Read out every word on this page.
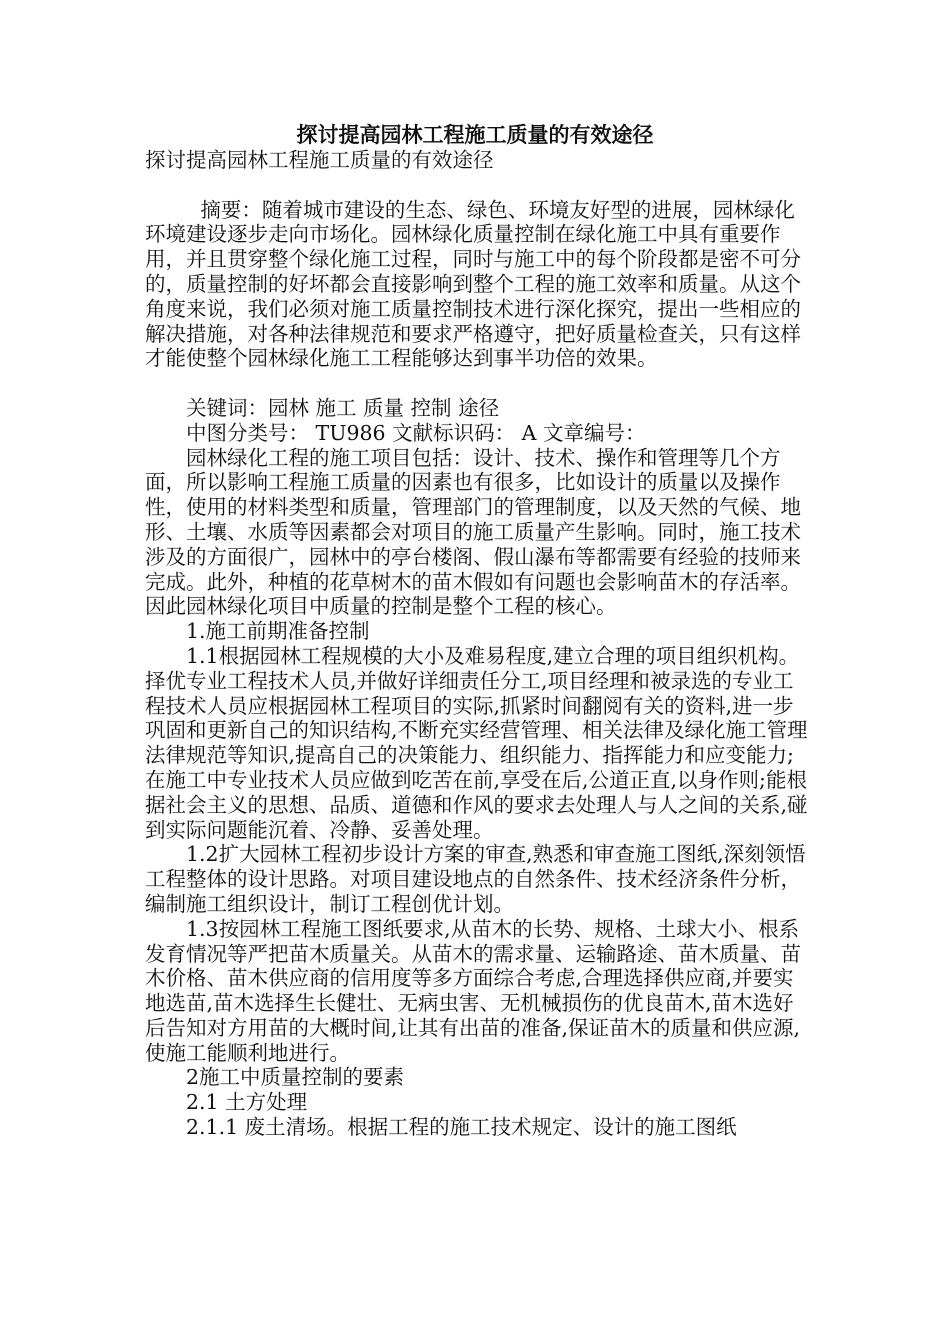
探讨提高园林工程施工质量的有效途径

探讨提高园林工程施工质量的有效途径

摘要：随着城市建设的生态、绿色、环境友好型的进展，园林绿化环境建设逐步走向市场化。园林绿化质量控制在绿化施工中具有重要作用，并且贯穿整个绿化施工过程，同时与施工中的每个阶段都是密不可分的，质量控制的好坏都会直接影响到整个工程的施工效率和质量。从这个角度来说，我们必须对施工质量控制技术进行深化探究，提出一些相应的解决措施，对各种法律规范和要求严格遵守，把好质量检查关，只有这样才能使整个园林绿化施工工程能够达到事半功倍的效果。

关键词：园林 施工 质量 控制 途径

中图分类号： TU986 文献标识码： A 文章编号：

园林绿化工程的施工项目包括：设计、技术、操作和管理等几个方面，所以影响工程施工质量的因素也有很多，比如设计的质量以及操作性，使用的材料类型和质量，管理部门的管理制度，以及天然的气候、地形、土壤、水质等因素都会对项目的施工质量产生影响。同时，施工技术涉及的方面很广，园林中的亭台楼阁、假山瀑布等都需要有经验的技师来完成。此外，种植的花草树木的苗木假如有问题也会影响苗木的存活率。因此园林绿化项目中质量的控制是整个工程的核心。

1.施工前期准备控制

1.1根据园林工程规模的大小及难易程度,建立合理的项目组织机构。择优专业工程技术人员,并做好详细责任分工,项目经理和被录选的专业工程技术人员应根据园林工程项目的实际,抓紧时间翻阅有关的资料,进一步巩固和更新自己的知识结构,不断充实经营管理、相关法律及绿化施工管理法律规范等知识,提高自己的决策能力、组织能力、指挥能力和应变能力;在施工中专业技术人员应做到吃苦在前,享受在后,公道正直,以身作则;能根据社会主义的思想、品质、道德和作风的要求去处理人与人之间的关系,碰到实际问题能沉着、冷静、妥善处理。

1.2扩大园林工程初步设计方案的审查,熟悉和审查施工图纸,深刻领悟工程整体的设计思路。对项目建设地点的自然条件、技术经济条件分析，编制施工组织设计，制订工程创优计划。

1.3按园林工程施工图纸要求,从苗木的长势、规格、土球大小、根系发育情况等严把苗木质量关。从苗木的需求量、运输路途、苗木质量、苗木价格、苗木供应商的信用度等多方面综合考虑,合理选择供应商,并要实地选苗,苗木选择生长健壮、无病虫害、无机械损伤的优良苗木,苗木选好后告知对方用苗的大概时间,让其有出苗的准备,保证苗木的质量和供应源,使施工能顺利地进行。

2施工中质量控制的要素

2.1 土方处理

2.1.1 废土清场。根据工程的施工技术规定、设计的施工图纸
